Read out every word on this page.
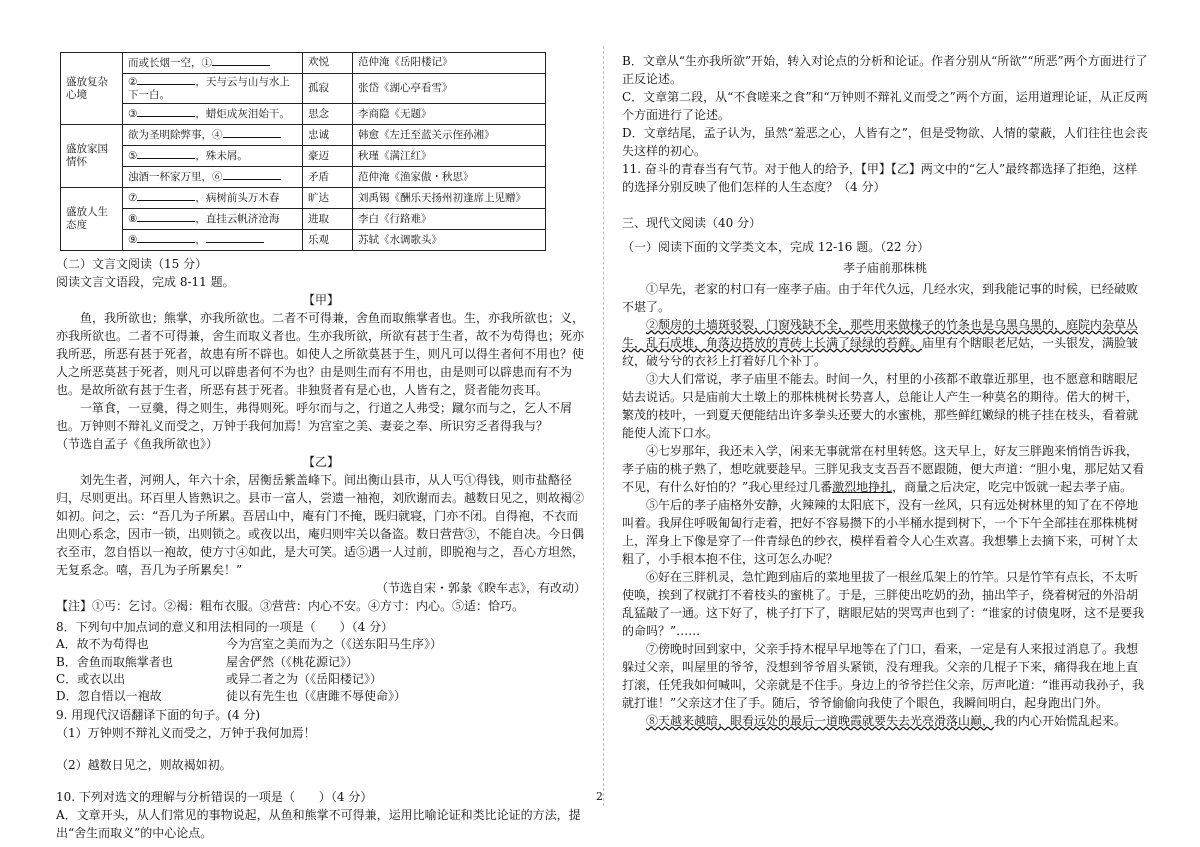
盛放复杂心境	而或长烟一空，①	欢悦	范仲淹《岳阳楼记》
	② ，天与云与山与水上下一白。	孤寂	张岱《湖心亭看雪》
	③ ，蜡炬成灰泪始干。	思念	李商隐《无题》
盛放家国情怀	欲为圣明除弊事，④	忠诚	韩愈《左迁至蓝关示侄孙湘》
	⑤ ，殊未屑。	豪迈	秋瑾《满江红》
	浊酒一杯家万里，⑥	矛盾	范仲淹《渔家傲・秋思》
盛放人生态度	⑦ ，病树前头万木春	旷达	刘禹锡《酬乐天扬州初逢席上见赠》
	⑧ ，直挂云帆济沧海	进取	李白《行路难》
	⑨ ，	乐观	苏轼《水调歌头》

（二）文言文阅读（15 分）

阅读文言文语段，完成 8-11 题。

【甲】

鱼，我所欲也；熊掌，亦我所欲也。二者不可得兼，舍鱼而取熊掌者也。生，亦我所欲也；义，亦我所欲也。二者不可得兼，舍生而取义者也。生亦我所欲，所欲有甚于生者，故不为苟得也；死亦我所恶，所恶有甚于死者，故患有所不辟也。如使人之所欲莫甚于生，则凡可以得生者何不用也？使人之所恶莫甚于死者，则凡可以辟患者何不为也？由是则生而有不用也，由是则可以辟患而有不为也。是故所欲有甚于生者，所恶有甚于死者。非独贤者有是心也，人皆有之，贤者能勿丧耳。

一箪食，一豆羹，得之则生，弗得则死。呼尔而与之，行道之人弗受；蹴尔而与之，乞人不屑也。万钟则不辩礼义而受之，万钟于我何加焉！为宫室之美、妻妾之奉、所识穷乏者得我与？

（节选自孟子《鱼我所欲也》）

【乙】

刘先生者，河朔人，年六十余，居衡岳紫盖峰下。间出衡山县市，从人丐①得钱，则市盐酪径归，尽则更出。环百里人皆熟识之。县市一富人，尝遗一袖袍，刘欣谢而去。越数日见之，则故褐②如初。问之，云：“吾几为子所累。吾居山中，庵有门不掩，既归就寝，门亦不闭。自得袍，不衣而出则心系念，因市一锁，出则锁之。或夜以出，庵归则牢关以备盗。数日营营③，不能自决。今日偶衣至市，忽自悟以一袍故，使方寸④如此，是大可笑。适⑤遇一人过前，即脱袍与之，吾心方坦然，无复系念。嘻，吾几为子所累矣！”

（节选自宋・郭彖《睽车志》，有改动）

【注】①丐：乞讨。②褐：粗布衣服。③营营：内心不安。④方寸：内心。⑤适：恰巧。

8．下列句中加点词的意义和用法相同的一项是（　　）（4 分）

A．故不为苟得也	今为宫室之美而为之（《送东阳马生序》）
B．舍鱼而取熊掌者也	屋舍俨然（《桃花源记》）
C．或衣以出	或异二者之为（《岳阳楼记》）
D．忽自悟以一袍故	徒以有先生也（《唐雎不辱使命》）

9. 用现代汉语翻译下面的句子。(4 分)

（1）万钟则不辩礼义而受之，万钟于我何加焉！

（2）越数日见之，则故褐如初。

10. 下列对选文的理解与分析错误的一项是（　　）（4 分）

A．文章开头，从人们常见的事物说起，从鱼和熊掌不可得兼，运用比喻论证和类比论证的方法，提出“舍生而取义”的中心论点。

B．文章从“生亦我所欲”开始，转入对论点的分析和论证。作者分别从“所欲”“所恶”两个方面进行了正反论述。

C．文章第二段，从“不食嗟来之食”和“万钟则不辩礼义而受之”两个方面，运用道理论证，从正反两个方面进行了论述。

D．文章结尾，孟子认为，虽然“羞恶之心，人皆有之”，但是受物欲、人情的蒙蔽，人们往往也会丧失这样的初心。

11. 奋斗的青春当有气节。对于他人的给予，【甲】【乙】两文中的“乞人”最终都选择了拒绝，这样的选择分别反映了他们怎样的人生态度？（4 分）

三、现代文阅读（40 分）

（一）阅读下面的文学类文本，完成 12-16 题。（22 分）

孝子庙前那株桃

①早先，老家的村口有一座孝子庙。由于年代久远，几经水灾，到我能记事的时候，已经破败不堪了。

②颓房的土墙斑驳裂，门窗残缺不全，那些用来做椽子的竹条也是乌黑乌黑的，庭院内杂草丛生，乱石成堆，角落边搭放的青砖上长满了绿绿的苔藓。庙里有个瞎眼老尼姑，一头银发，满脸皱纹，破兮兮的衣衫上打着好几个补丁。

③大人们常说，孝子庙里不能去。时间一久，村里的小孩都不敢靠近那里，也不愿意和瞎眼尼姑去说话。只是庙前大土墩上的那株桃树长势喜人，总能让人产生一种莫名的期待。偌大的树干，繁茂的枝叶，一到夏天便能结出许多拳头还要大的水蜜桃，那些鲜红嫩绿的桃子挂在枝头，看着就能使人流下口水。

④七岁那年，我还未入学，闲来无事就常在村里转悠。这天早上，好友三胖跑来悄悄告诉我，孝子庙的桃子熟了，想吃就要趁早。三胖见我支支吾吾不愿跟随，便大声道：“胆小鬼，那尼姑又看不见，有什么好怕的？”我心里经过几番激烈地挣扎，商量之后决定，吃完中饭就一起去孝子庙。

⑤午后的孝子庙格外安静，火辣辣的太阳底下，没有一丝风，只有远处树林里的知了在不停地叫着。我屏住呼吸匍匐行走着，把好不容易攒下的小半桶水提到树下，一个下午全部挂在那株桃树上，浑身上下像是穿了一件青绿色的纱衣，模样看着令人心生欢喜。我想攀上去摘下来，可树丫太粗了，小手根本抱不住，这可怎么办呢？

⑥好在三胖机灵，急忙跑到庙后的菜地里拔了一根丝瓜架上的竹竿。只是竹竿有点长，不太听使唤，挨到了杈就打不着枝头的蜜桃了。于是，三胖使出吃奶的劲，抽出竿子，绕着树冠的外沿胡乱猛敲了一通。这下好了，桃子打下了，瞎眼尼姑的哭骂声也到了：“谁家的讨债鬼呀，这不是要我的命吗？”……

⑦傍晚时回到家中，父亲手持木棍早早地等在了门口，看来，一定是有人来报过消息了。我想躲过父亲，叫屋里的爷爷，没想到爷爷眉头紧锁，没有理我。父亲的几棍子下来，痛得我在地上直打滚，任凭我如何喊叫，父亲就是不住手。身边上的爷爷拦住父亲，厉声叱道：“谁再动我孙子，我就打谁！”父亲这才住了手。随后，爷爷偷偷向我使了个眼色，我瞬间明白，起身跑出门外。

⑧天越来越暗，眼看远处的最后一道晚霞就要失去光亮滑落山巅，我的内心开始慌乱起来。

2
